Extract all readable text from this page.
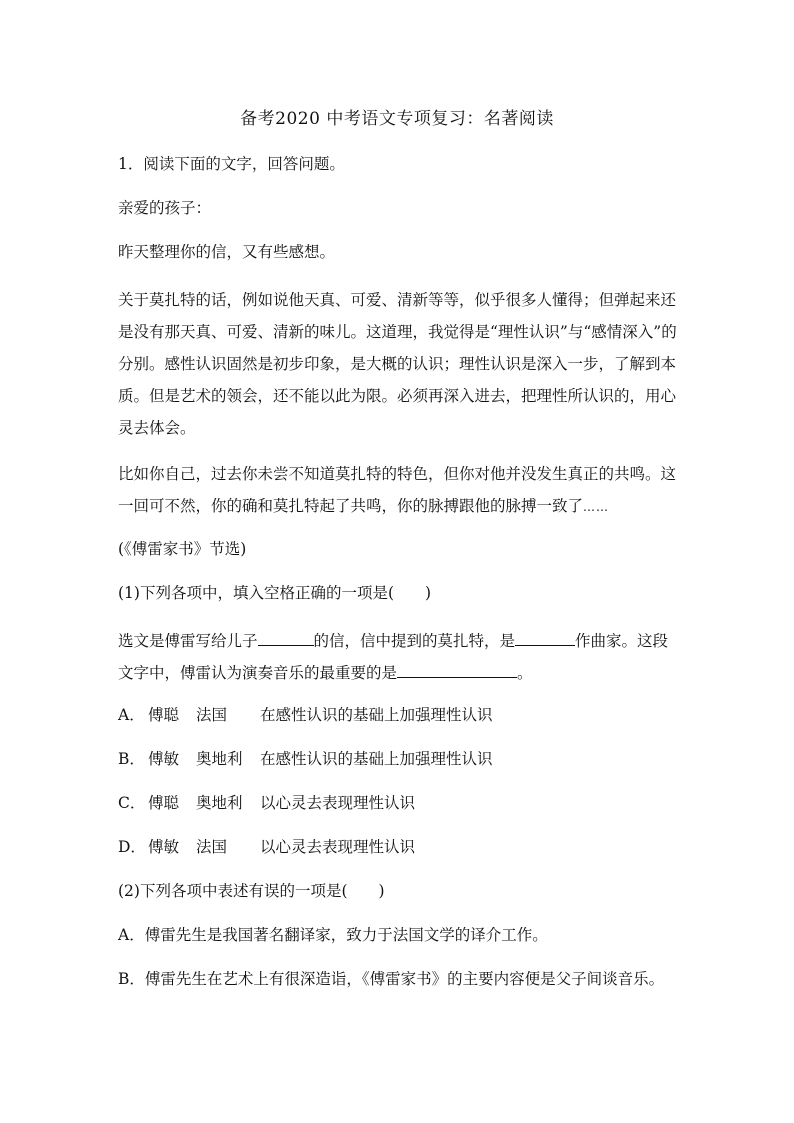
备考2020 中考语文专项复习：名著阅读

1．阅读下面的文字，回答问题。

亲爱的孩子：

昨天整理你的信，又有些感想。

关于莫扎特的话，例如说他天真、可爱、清新等等，似乎很多人懂得；但弹起来还是没有那天真、可爱、清新的味儿。这道理，我觉得是“理性认识”与“感情深入”的分别。感性认识固然是初步印象，是大概的认识；理性认识是深入一步，了解到本质。但是艺术的领会，还不能以此为限。必须再深入进去，把理性所认识的，用心灵去体会。

比如你自己，过去你未尝不知道莫扎特的特色，但你对他并没发生真正的共鸣。这一回可不然，你的确和莫扎特起了共鸣，你的脉搏跟他的脉搏一致了……

(《傅雷家书》节选)

(1)下列各项中，填入空格正确的一项是(　　)

选文是傅雷写给儿子	的信，信中提到的莫扎特，是	作曲家。这段文字中，傅雷认为演奏音乐的最重要的是	。

A． 傅聪	法国	在感性认识的基础上加强理性认识
B． 傅敏	奥地利	在感性认识的基础上加强理性认识
C． 傅聪	奥地利	以心灵去表现理性认识
D． 傅敏	法国	以心灵去表现理性认识

(2)下列各项中表述有误的一项是(　　)

A．傅雷先生是我国著名翻译家，致力于法国文学的译介工作。

B．傅雷先生在艺术上有很深造诣，《傅雷家书》的主要内容便是父子间谈音乐。
